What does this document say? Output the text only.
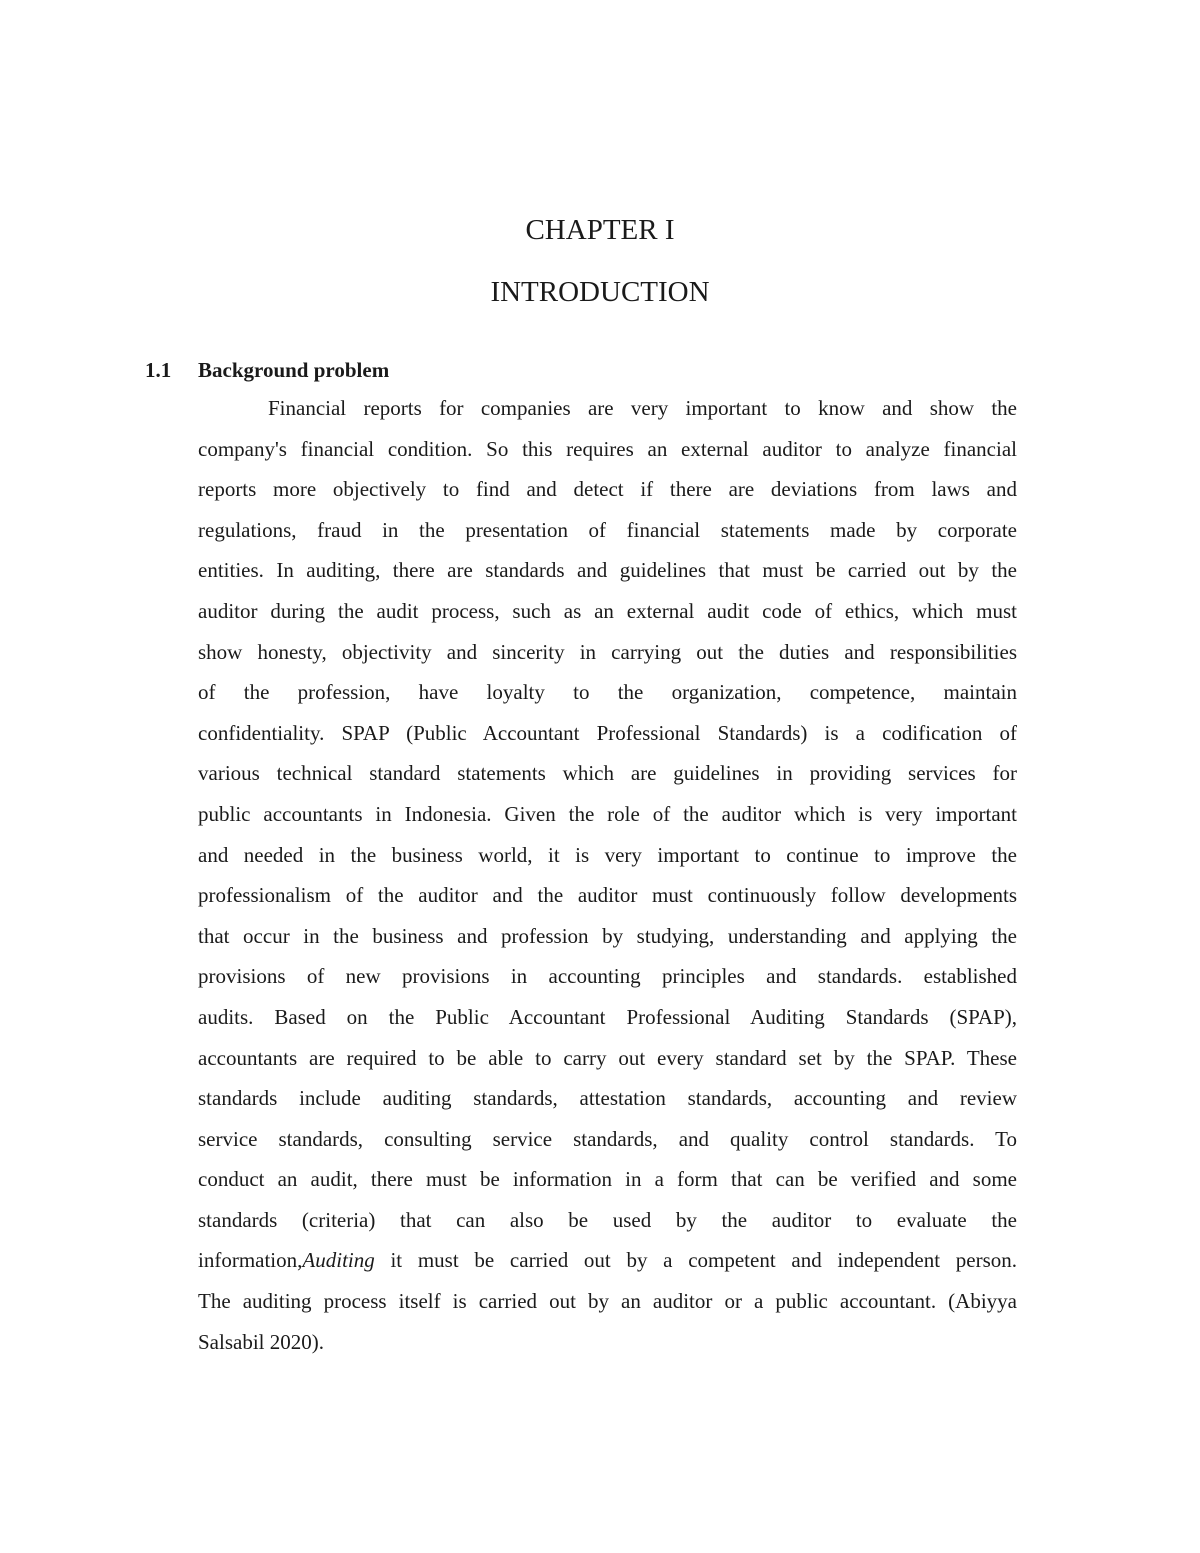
CHAPTER I
INTRODUCTION
1.1 Background problem
Financial reports for companies are very important to know and show the
company's financial condition. So this requires an external auditor to analyze financial
reports more objectively to find and detect if there are deviations from laws and
regulations, fraud in the presentation of financial statements made by corporate
entities. In auditing, there are standards and guidelines that must be carried out by the
auditor during the audit process, such as an external audit code of ethics, which must
show honesty, objectivity and sincerity in carrying out the duties and responsibilities
of the profession, have loyalty to the organization, competence, maintain
confidentiality. SPAP (Public Accountant Professional Standards) is a codification of
various technical standard statements which are guidelines in providing services for
public accountants in Indonesia. Given the role of the auditor which is very important
and needed in the business world, it is very important to continue to improve the
professionalism of the auditor and the auditor must continuously follow developments
that occur in the business and profession by studying, understanding and applying the
provisions of new provisions in accounting principles and standards. established
audits. Based on the Public Accountant Professional Auditing Standards (SPAP),
accountants are required to be able to carry out every standard set by the SPAP. These
standards include auditing standards, attestation standards, accounting and review
service standards, consulting service standards, and quality control standards. To
conduct an audit, there must be information in a form that can be verified and some
standards (criteria) that can also be used by the auditor to evaluate the
information,Auditing it must be carried out by a competent and independent person.
The auditing process itself is carried out by an auditor or a public accountant. (Abiyya
Salsabil 2020).
